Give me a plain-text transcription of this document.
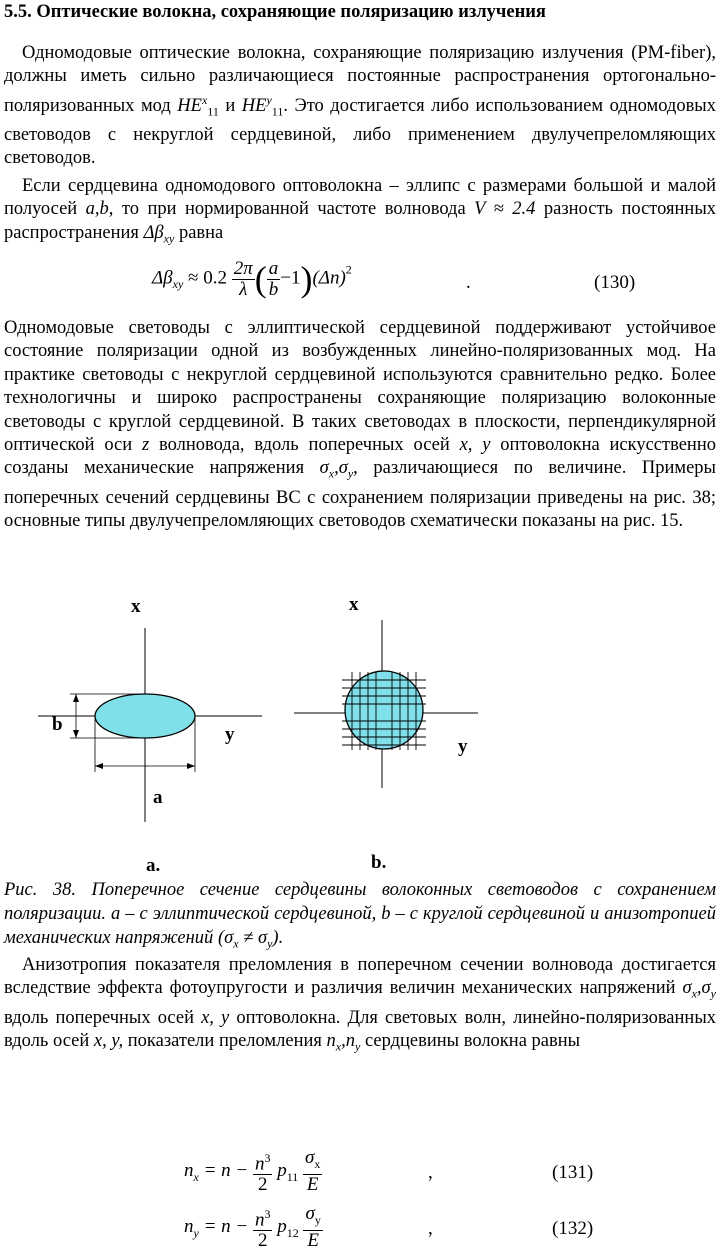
5.5. Оптические волокна, сохраняющие поляризацию излучения
Одномодовые оптические волокна, сохраняющие поляризацию излучения (PM-fiber), должны иметь сильно различающиеся постоянные распространения ортогонально-поляризованных мод $HE^x_{11}$ и $HE^y_{11}$. Это достигается либо использованием одномодовых световодов с некруглой сердцевиной, либо применением двулучепреломляющих световодов.
Если сердцевина одномодового оптоволокна – эллипс с размерами большой и малой полуосей a,b, то при нормированной частоте волновода V ≈ 2.4 разность постоянных распространения $\Delta\beta_{xy}$ равна
$\Delta\beta_{xy} \approx 0.2 \frac{2\pi}{\lambda}$ ( $\frac{a}{b} -1)(\Delta n)^2$
.	(130)
Одномодовые световоды с эллиптической сердцевиной поддерживают устойчивое состояние поляризации одной из возбужденных линейно-поляризованных мод. На практике световоды с некруглой сердцевиной используются сравнительно редко. Более технологичны и широко распространены сохраняющие поляризацию волоконные световоды с круглой сердцевиной. В таких световодах в плоскости, перпендикулярной оптической оси z волновода, вдоль поперечных осей x, y оптоволокна искусственно созданы механические напряжения $\sigma_x,\sigma_y$, различающиеся по величине. Примеры поперечных сечений сердцевины ВС с сохранением поляризации приведены на рис. 38; основные типы двулучепреломляющих световодов схематически показаны на рис. 15.
x
y
b
a
x
y
a.	b.
Рис. 38. Поперечное сечение сердцевины волоконных световодов с сохранением поляризации. а – с эллиптической сердцевиной, b – с круглой сердцевиной и анизотропией механических напряжений $(\sigma_x \ne \sigma_y)$.
Анизотропия показателя преломления в поперечном сечении волновода достигается вследствие эффекта фотоупругости и различия величин механических напряжений $\sigma_x,\sigma_y$ вдоль поперечных осей x, y оптоволокна. Для световых волн, линейно-поляризованных вдоль осей x, y, показатели преломления $n_x,n_y$ сердцевины волокна равны
$n_x = n - \frac{n^3}{2} p_{11} \frac{\sigma_x}{E}$	,	(131)
$n_y = n - \frac{n^3}{2} p_{12} \frac{\sigma_y}{E}$	,	(132)
